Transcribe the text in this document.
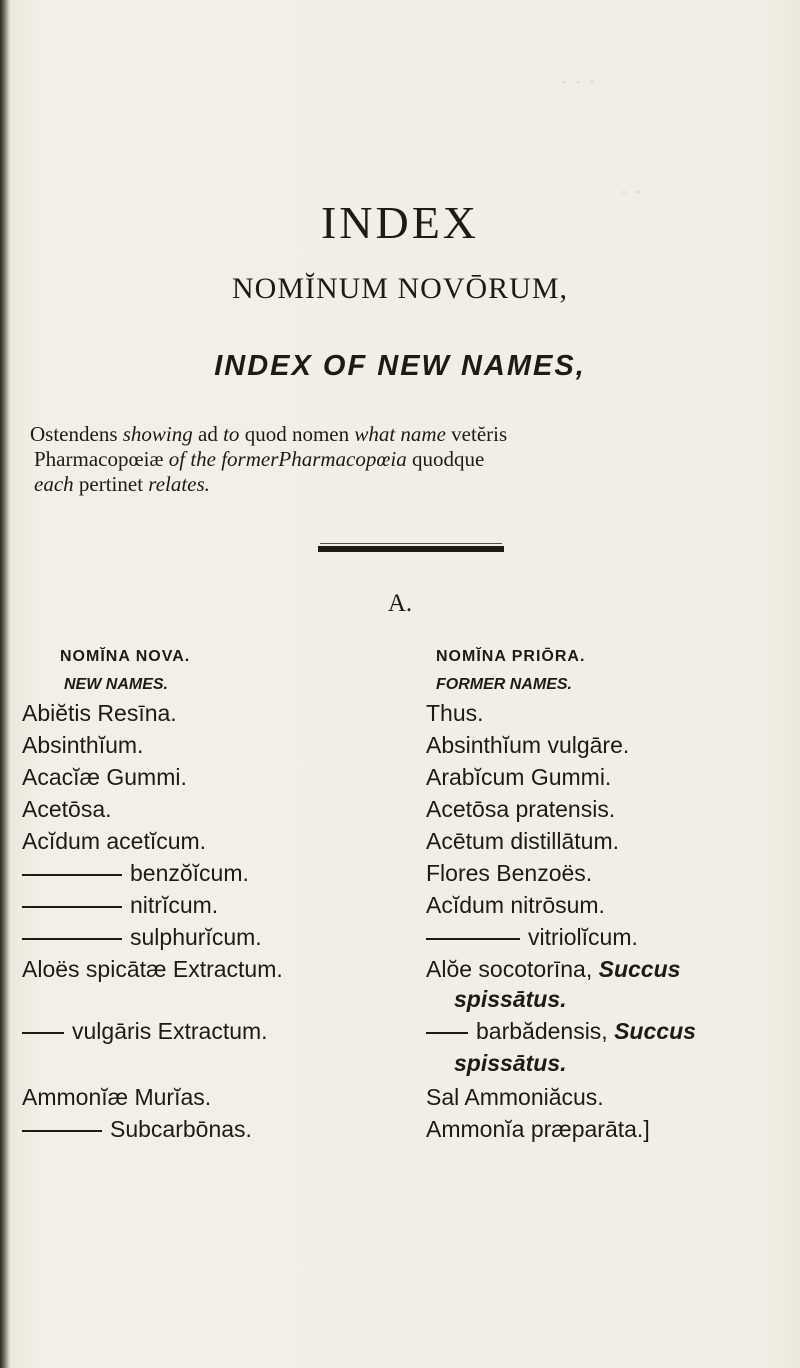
· · ·
· ·
INDEX
NOMĬNUM NOVŌRUM,
INDEX OF NEW NAMES,
Ostendens showing ad to quod nomen what name vetĕris
Pharmacopœiæ of the formerPharmacopœia quodque
each pertinet relates.
A.
NOMĬNA NOVA.
NEW NAMES.
Abiĕtis Resīna.
Absinthĭum.
Acacĭæ Gummi.
Acetōsa.
Acĭdum acetĭcum.
benzŏĭcum.
nitrĭcum.
sulphurĭcum.
Aloës spicātæ Extractum.
vulgāris Extractum.
Ammonĭæ Murĭas.
Subcarbōnas.
NOMĬNA PRIŌRA.
FORMER NAMES.
Thus.
Absinthĭum vulgāre.
Arabĭcum Gummi.
Acetōsa pratensis.
Acētum distillātum.
Flores Benzoës.
Acĭdum nitrōsum.
vitriolĭcum.
Alŏe socotorīna, Succus
spissātus.
barbădensis, Succus
spissātus.
Sal Ammoniăcus.
Ammonĭa præparāta.]
